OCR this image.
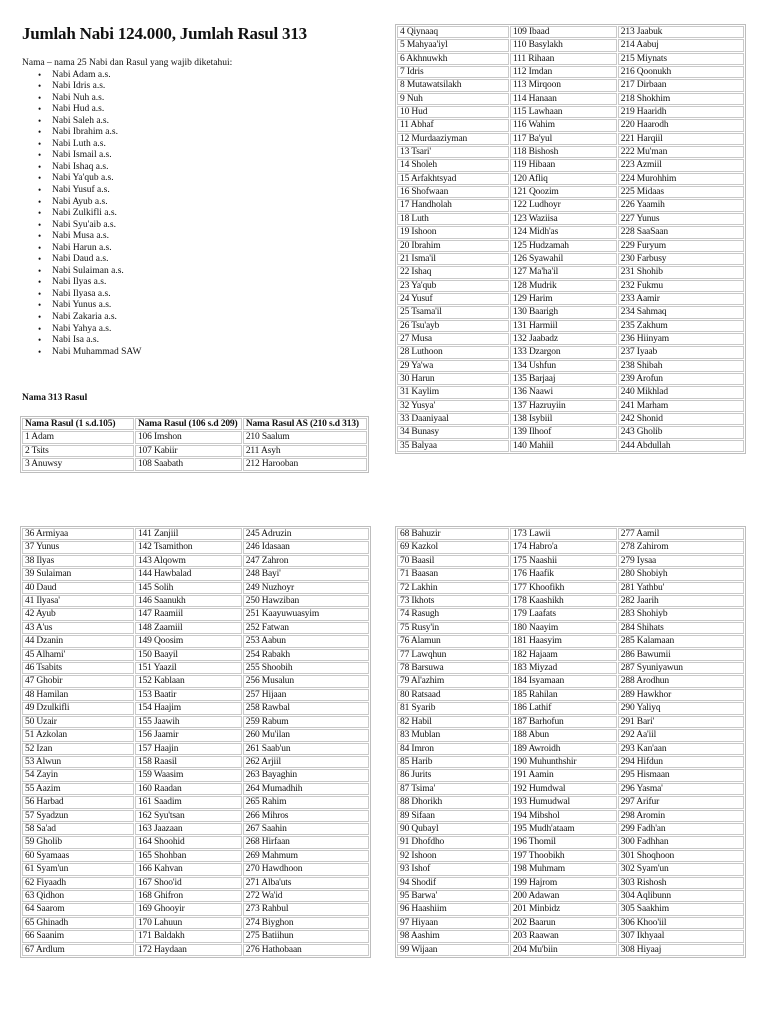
Jumlah Nabi 124.000, Jumlah Rasul 313
Nama – nama 25 Nabi dan Rasul yang wajib diketahui:
• Nabi Adam a.s.
• Nabi Idris a.s.
• Nabi Nuh a.s.
• Nabi Hud a.s.
• Nabi Saleh a.s.
• Nabi Ibrahim a.s.
• Nabi Luth a.s.
• Nabi Ismail a.s.
• Nabi Ishaq a.s.
• Nabi Ya'qub a.s.
• Nabi Yusuf a.s.
• Nabi Ayub a.s.
• Nabi Zulkifli a.s.
• Nabi Syu'aib a.s.
• Nabi Musa a.s.
• Nabi Harun a.s.
• Nabi Daud a.s.
• Nabi Sulaiman a.s.
• Nabi Ilyas a.s.
• Nabi Ilyasa a.s.
• Nabi Yunus a.s.
• Nabi Zakaria a.s.
• Nabi Yahya a.s.
• Nabi Isa a.s.
• Nabi Muhammad SAW
Nama 313 Rasul
Nama Rasul (1 s.d.105)	Nama Rasul (106 s.d 209)	Nama Rasul AS (210 s.d 313)
1 Adam	106 Imshon	210 Saalum
2 Tsits	107 Kabiir	211 Asyh
3 Anuwsy	108 Saabath	212 Harooban
4 Qiynaaq	109 Ibaad	213 Jaabuk
5 Mahyaa'iyl	110 Basylakh	214 Aabuj
6 Akhnuwkh	111 Rihaan	215 Miynats
7 Idris	112 Imdan	216 Qoonukh
8 Mutawatsilakh	113 Mirqoon	217 Dirbaan
9 Nuh	114 Hanaan	218 Shokhim
10 Hud	115 Lawhaan	219 Haaridh
11 Abhaf	116 Wahim	220 Haarodh
12 Murdaaziyman	117 Ba'yul	221 Harqiil
13 Tsari'	118 Bishosh	222 Mu'man
14 Sholeh	119 Hibaan	223 Azmiil
15 Arfakhtsyad	120 Afliq	224 Murohhim
16 Shofwaan	121 Qoozim	225 Midaas
17 Handholah	122 Ludhoyr	226 Yaamih
18 Luth	123 Waziisa	227 Yunus
19 Ishoon	124 Midh'as	228 SaaSaan
20 Ibrahim	125 Hudzamah	229 Furyum
21 Isma'il	126 Syawahil	230 Farbusy
22 Ishaq	127 Ma'ha'il	231 Shohib
23 Ya'qub	128 Mudrik	232 Fukmu
24 Yusuf	129 Harim	233 Aamir
25 Tsama'il	130 Baarigh	234 Sahmaq
26 Tsu'ayb	131 Harmiil	235 Zakhum
27 Musa	132 Jaabadz	236 Hiinyam
28 Luthoon	133 Dzargon	237 Iyaab
29 Ya'wa	134 Ushfun	238 Shibah
30 Harun	135 Barjaaj	239 Arofun
31 Kaylim	136 Naawi	240 Mikhlad
32 Yusya'	137 Hazruyiin	241 Marham
33 Daaniyaal	138 Isybiil	242 Shonid
34 Bunasy	139 Ilhoof	243 Gholib
35 Balyaa	140 Mahiil	244 Abdullah
36 Armiyaa	141 Zanjiil	245 Adruzin
37 Yunus	142 Tsamithon	246 Idasaan
38 Ilyas	143 Alqowm	247 Zahron
39 Sulaiman	144 Hawbalad	248 Bayi'
40 Daud	145 Solih	249 Nuzhoyr
41 Ilyasa'	146 Saanukh	250 Hawziban
42 Ayub	147 Raamiil	251 Kaayuwuasyim
43 A'us	148 Zaamiil	252 Fatwan
44 Dzanin	149 Qoosim	253 Aabun
45 Alhami'	150 Baayil	254 Rabakh
46 Tsabits	151 Yaazil	255 Shoobih
47 Ghobir	152 Kablaan	256 Musalun
48 Hamilan	153 Baatir	257 Hijaan
49 Dzulkifli	154 Haajim	258 Rawbal
50 Uzair	155 Jaawih	259 Rabum
51 Azkolan	156 Jaamir	260 Mu'ilan
52 Izan	157 Haajin	261 Saab'un
53 Alwun	158 Raasil	262 Arjiil
54 Zayin	159 Waasim	263 Bayaghin
55 Aazim	160 Raadan	264 Mumadhih
56 Harbad	161 Saadim	265 Rahim
57 Syadzun	162 Syu'tsan	266 Mihros
58 Sa'ad	163 Jaazaan	267 Saahin
59 Gholib	164 Shoohid	268 Hirfaan
60 Syamaas	165 Shohban	269 Mahmum
61 Syam'un	166 Kahvan	270 Hawdhoon
62 Fiyaadh	167 Shoo'id	271 Alba'uts
63 Qidhon	168 Ghifron	272 Wa'id
64 Saarom	169 Ghooyir	273 Rahbul
65 Ghinadh	170 Lahuun	274 Biyghon
66 Saanim	171 Baldakh	275 Batiihun
67 Ardlum	172 Haydaan	276 Hathobaan
68 Bahuzir	173 Lawii	277 Aamil
69 Kazkol	174 Habro'a	278 Zahirom
70 Baasil	175 Naashii	279 Iysaa
71 Baasan	176 Haafik	280 Shobiyh
72 Lakhin	177 Khoofikh	281 Yathbu'
73 Ikhots	178 Kaashikh	282 Jaarih
74 Rasugh	179 Laafats	283 Shohiyb
75 Rusy'in	180 Naayim	284 Shihats
76 Alamun	181 Haasyim	285 Kalamaan
77 Lawqhun	182 Hajaam	286 Bawumii
78 Barsuwa	183 Miyzad	287 Syuniyawun
79 Al'azhim	184 Isyamaan	288 Arodhun
80 Ratsaad	185 Rahilan	289 Hawkhor
81 Syarib	186 Lathif	290 Yaliyq
82 Habil	187 Barhofun	291 Bari'
83 Mublan	188 Abun	292 Aa'iil
84 Imron	189 Awroidh	293 Kan'aan
85 Harib	190 Muhunthshir	294 Hifdun
86 Jurits	191 Aamin	295 Hismaan
87 Tsima'	192 Humdwal	296 Yasma'
88 Dhorikh	193 Humudwal	297 Arifur
89 Sifaan	194 Mibshol	298 Aromin
90 Qubayl	195 Mudh'ataam	299 Fadh'an
91 Dhofdho	196 Thomil	300 Fadhhan
92 Ishoon	197 Thoobikh	301 Shoqhoon
93 Ishof	198 Muhmam	302 Syam'un
94 Shodif	199 Hajrom	303 Rishosh
95 Barwa'	200 Adawan	304 Aqlibunn
96 Haashiim	201 Minbidz	305 Saakhim
97 Hiyaan	202 Baarun	306 Khoo'iil
98 Aashim	203 Raawan	307 Ikhyaal
99 Wijaan	204 Mu'biin	308 Hiyaaj
